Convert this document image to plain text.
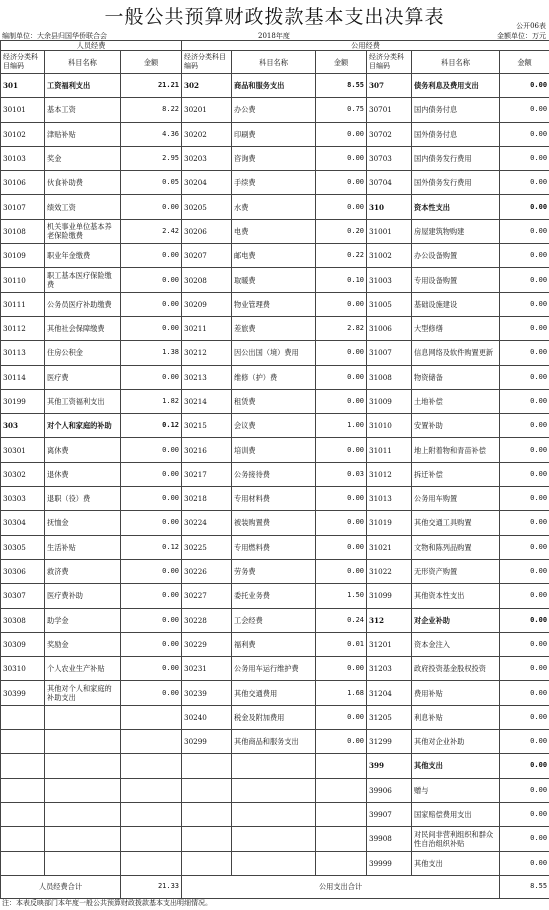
一般公共预算财政拨款基本支出决算表	公开06表
编制单位：大余县归国华侨联合会	2018年度	金额单位：万元
人员经费			公用经费					
经济分类科目编码	科目名称	金额	经济分类科目编码	科目名称	金额	经济分类科目编码	科目名称	金额
301	工资福利支出	21.21	302	商品和服务支出	8.55	307	债务利息及费用支出	0.00
30101	基本工资	8.22	30201	办公费	0.75	30701	国内债务付息	0.00
30102	津贴补贴	4.36	30202	印刷费	0.00	30702	国外债务付息	0.00
30103	奖金	2.95	30203	咨询费	0.00	30703	国内债务发行费用	0.00
30106	伙食补助费	0.05	30204	手续费	0.00	30704	国外债务发行费用	0.00
30107	绩效工资	0.00	30205	水费	0.00	310	资本性支出	0.00
30108	机关事业单位基本养老保险缴费	2.42	30206	电费	0.20	31001	房屋建筑物购建	0.00
30109	职业年金缴费	0.00	30207	邮电费	0.22	31002	办公设备购置	0.00
30110	职工基本医疗保险缴费	0.00	30208	取暖费	0.10	31003	专用设备购置	0.00
30111	公务员医疗补助缴费	0.00	30209	物业管理费	0.00	31005	基础设施建设	0.00
30112	其他社会保障缴费	0.00	30211	差旅费	2.82	31006	大型修缮	0.00
30113	住房公积金	1.38	30212	因公出国（境）费用	0.00	31007	信息网络及软件购置更新	0.00
30114	医疗费	0.00	30213	维修（护）费	0.00	31008	物资储备	0.00
30199	其他工资福利支出	1.82	30214	租赁费	0.00	31009	土地补偿	0.00
303	对个人和家庭的补助	0.12	30215	会议费	1.00	31010	安置补助	0.00
30301	离休费	0.00	30216	培训费	0.00	31011	地上附着物和青苗补偿	0.00
30302	退休费	0.00	30217	公务接待费	0.03	31012	拆迁补偿	0.00
30303	退职（役）费	0.00	30218	专用材料费	0.00	31013	公务用车购置	0.00
30304	抚恤金	0.00	30224	被装购置费	0.00	31019	其他交通工具购置	0.00
30305	生活补贴	0.12	30225	专用燃料费	0.00	31021	文物和陈列品购置	0.00
30306	救济费	0.00	30226	劳务费	0.00	31022	无形资产购置	0.00
30307	医疗费补助	0.00	30227	委托业务费	1.50	31099	其他资本性支出	0.00
30308	助学金	0.00	30228	工会经费	0.24	312	对企业补助	0.00
30309	奖励金	0.00	30229	福利费	0.01	31201	资本金注入	0.00
30310	个人农业生产补贴	0.00	30231	公务用车运行维护费	0.00	31203	政府投资基金股权投资	0.00
30399	其他对个人和家庭的补助支出	0.00	30239	其他交通费用	1.68	31204	费用补贴	0.00
			30240	税金及附加费用	0.00	31205	利息补贴	0.00
			30299	其他商品和服务支出	0.00	31299	其他对企业补助	0.00
						399	其他支出	0.00
						39906	赠与	0.00
						39907	国家赔偿费用支出	0.00
						39908	对民间非营利组织和群众性自治组织补贴	0.00
						39999	其他支出	0.00
人员经费合计		21.33	公用支出合计					8.55
注：本表反映部门本年度一般公共预算财政拨款基本支出明细情况。
